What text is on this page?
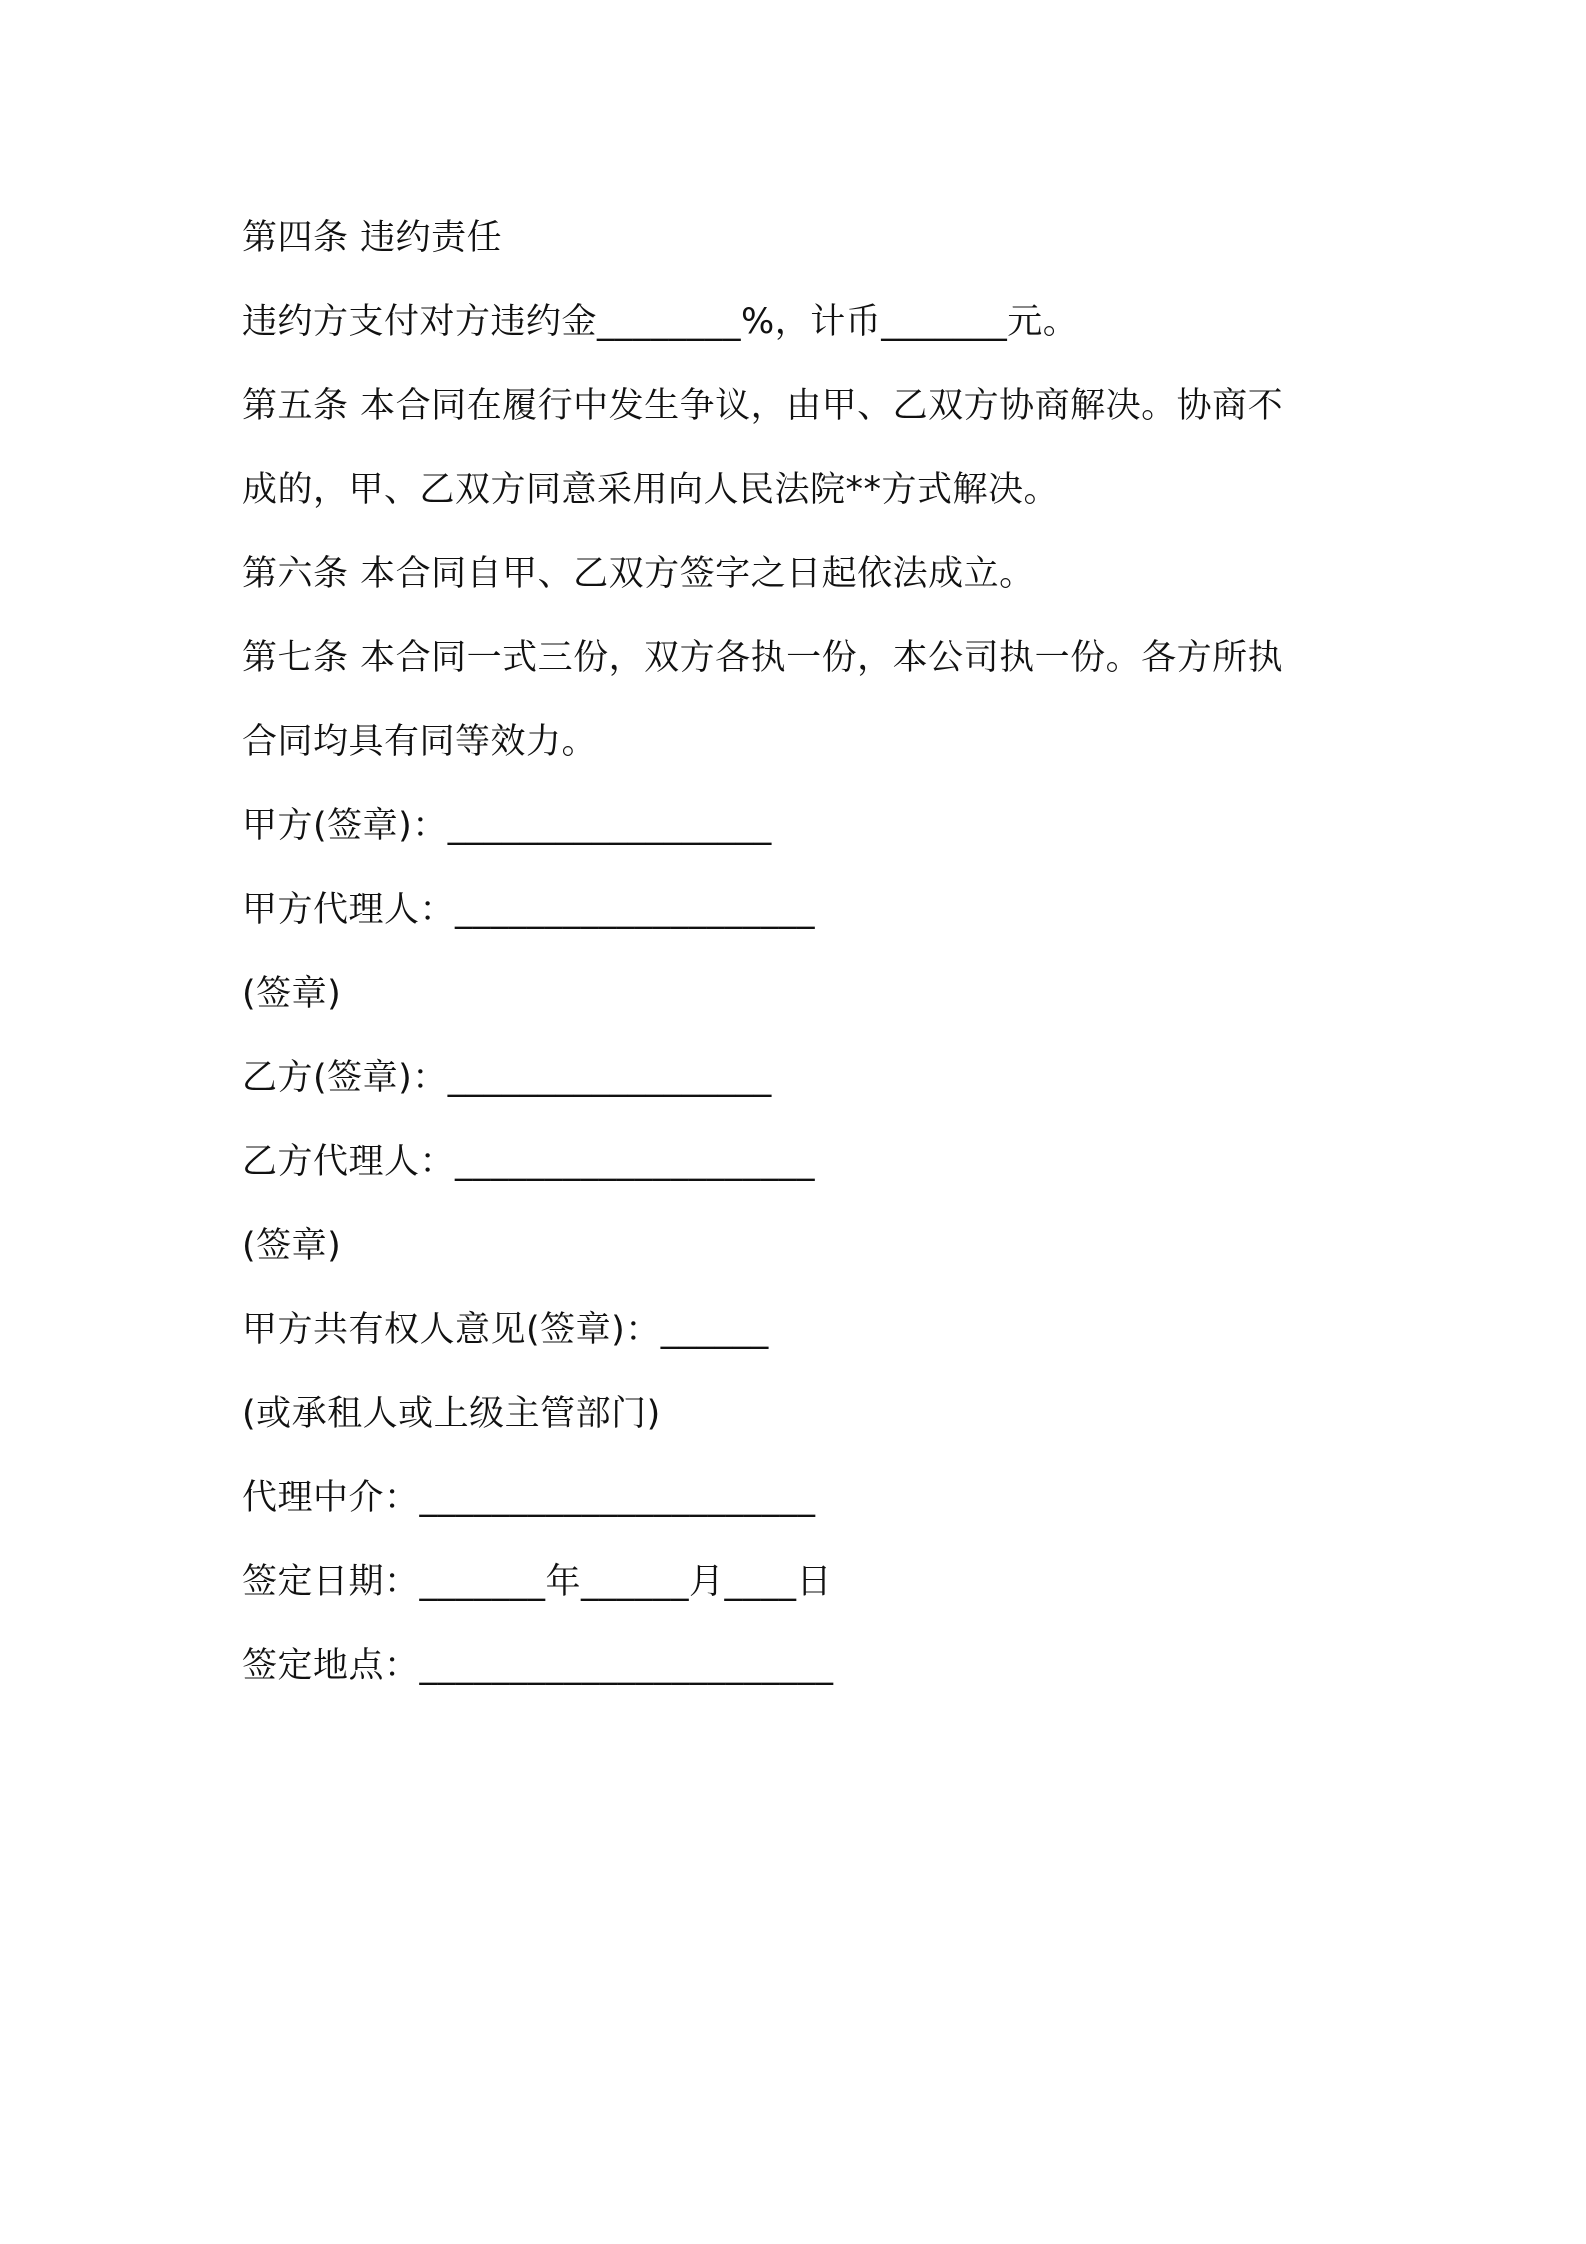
第四条 违约责任
违约方支付对方违约金________%，计币_______元。
第五条 本合同在履行中发生争议，由甲、乙双方协商解决。协商不
成的，甲、乙双方同意采用向人民法院**方式解决。
第六条 本合同自甲、乙双方签字之日起依法成立。
第七条 本合同一式三份，双方各执一份，本公司执一份。各方所执
合同均具有同等效力。
甲方(签章)：__________________
甲方代理人：____________________
(签章)
乙方(签章)：__________________
乙方代理人：____________________
(签章)
甲方共有权人意见(签章)：______
(或承租人或上级主管部门)
代理中介：______________________
签定日期：_______年______月____日
签定地点：_______________________
